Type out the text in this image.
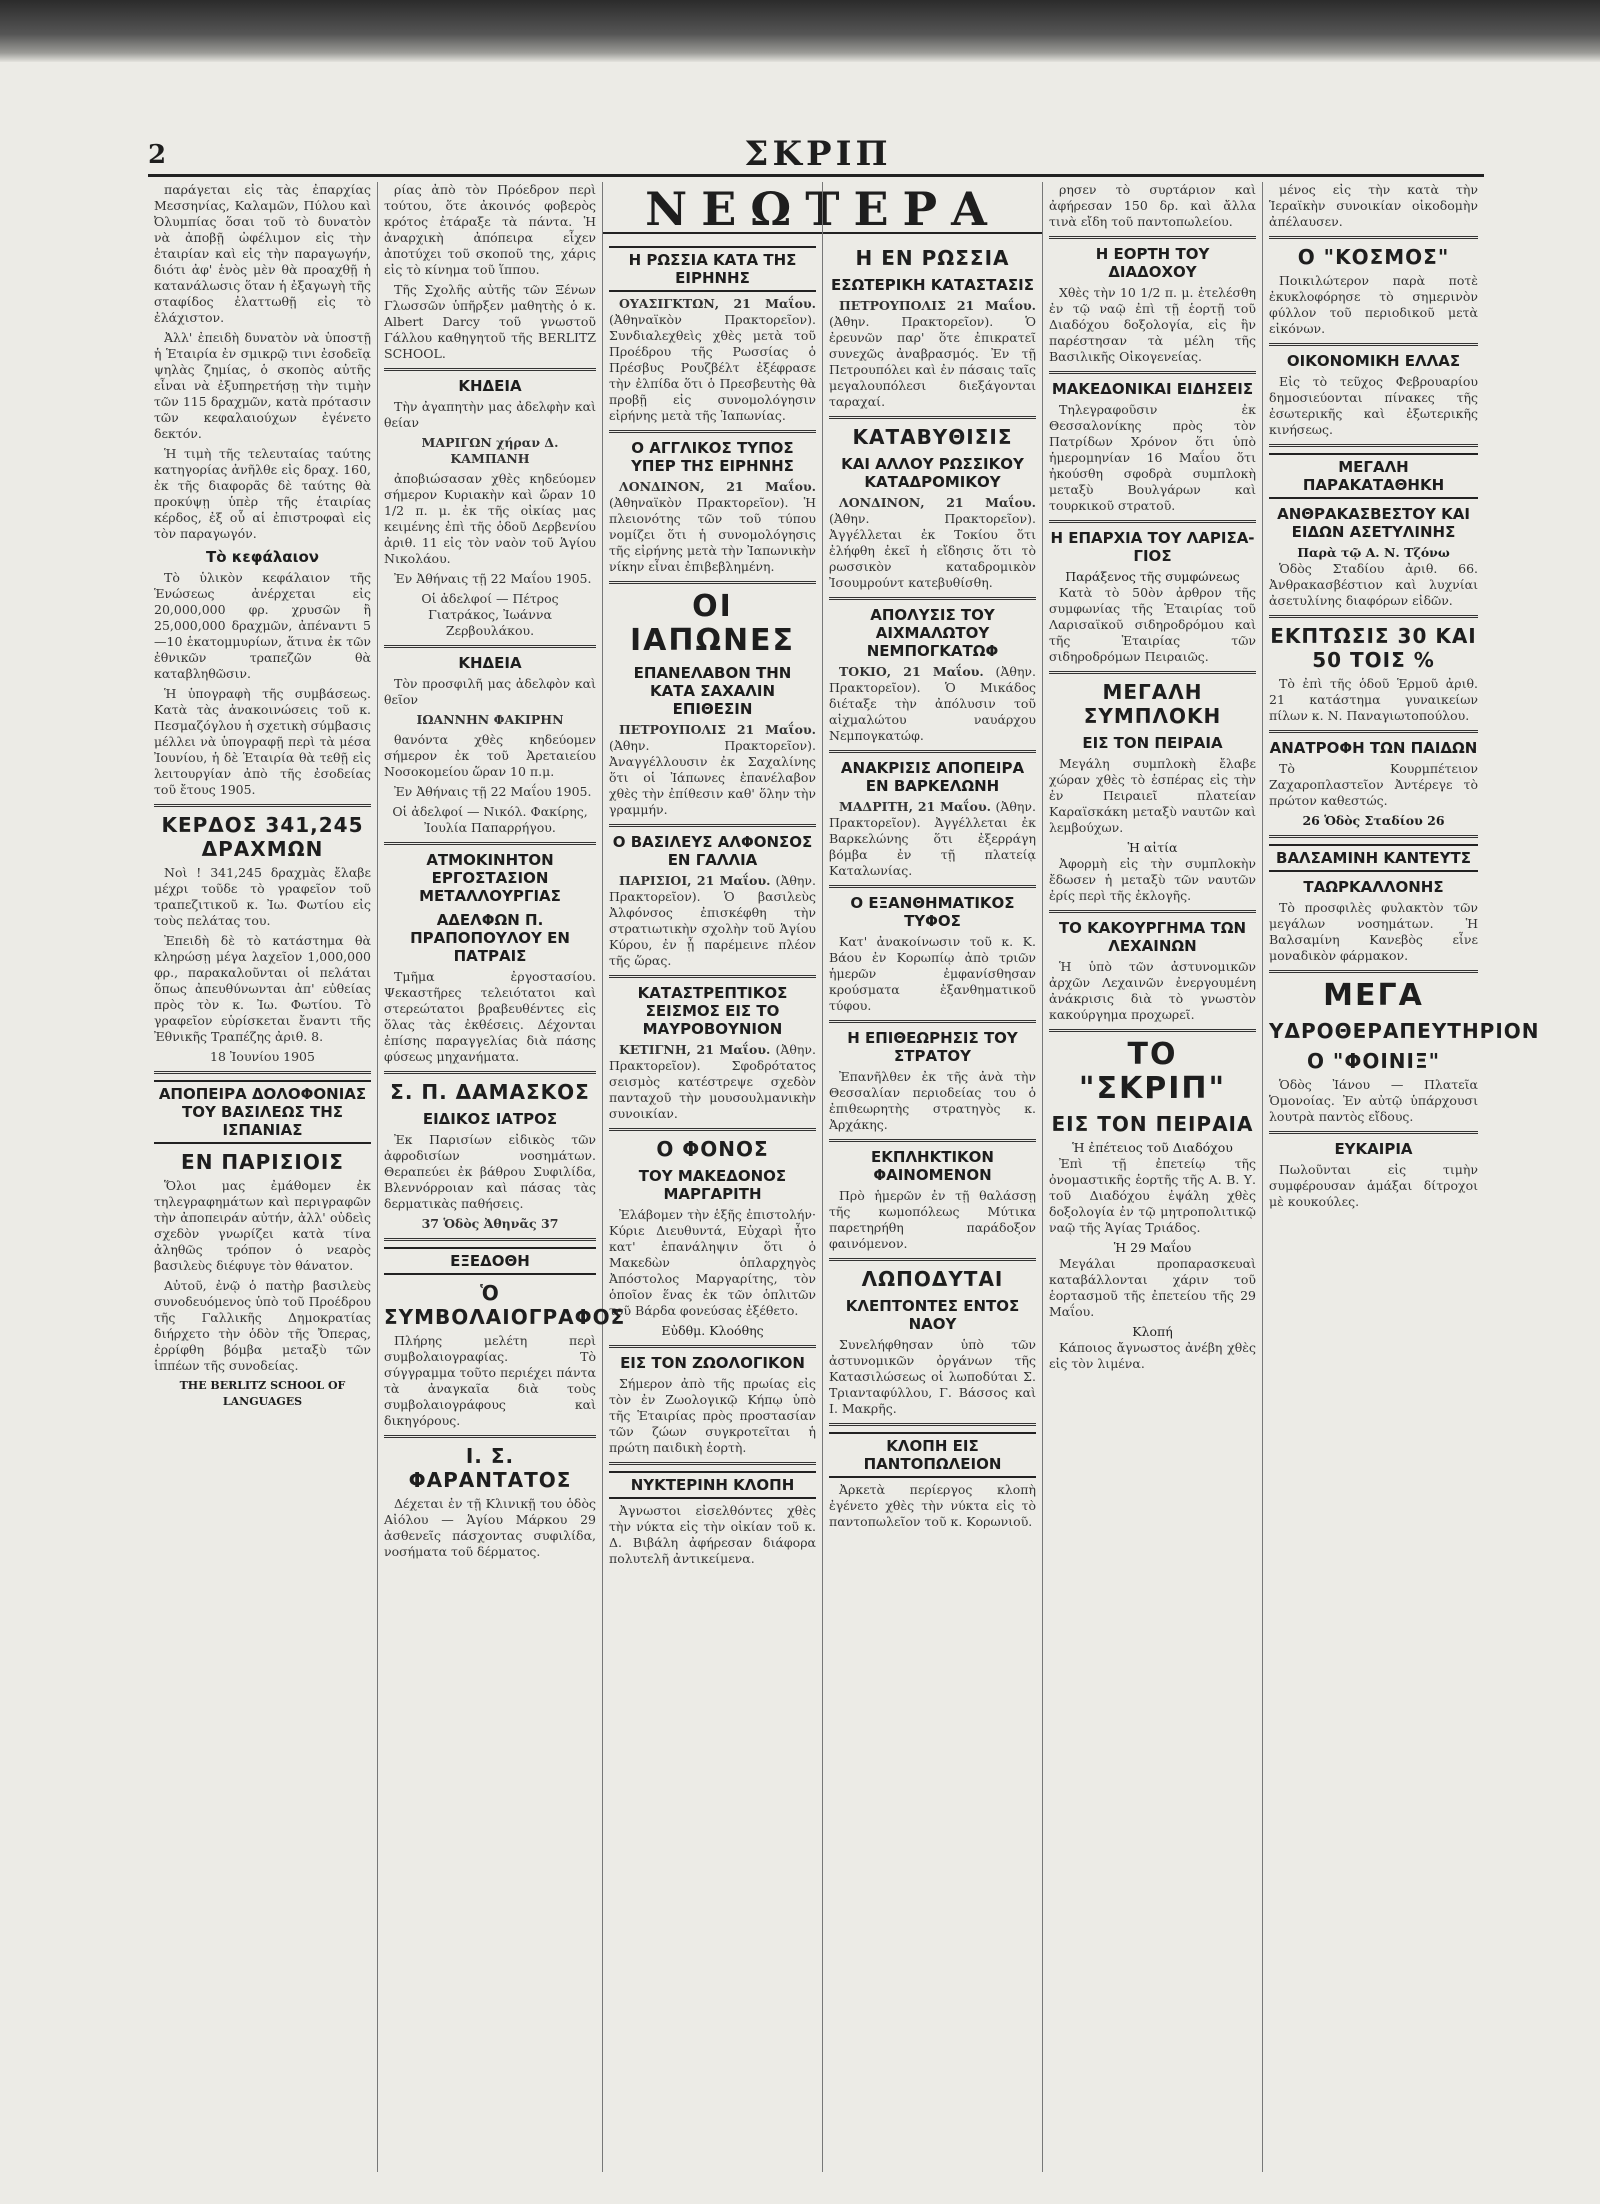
2	ΣΚΡΙΠ

παράγεται εἰς τὰς ἐπαρχίας Μεσσηνίας, Καλαμῶν, Πύλου καὶ Ὀλυμπίας ὅσαι τοῦ τὸ δυνατὸν νὰ ἀποβῇ ὠφέλιμον εἰς τὴν ἑταιρίαν καὶ εἰς τὴν παραγωγήν, διότι ἀφ' ἑνὸς μὲν θὰ προαχθῇ ἡ κατανάλωσις ὅταν ἡ ἐξαγωγὴ τῆς σταφίδος ἐλαττωθῇ εἰς τὸ ἐλάχιστον.

Ἀλλ' ἐπειδὴ δυνατὸν νὰ ὑποστῇ ἡ Ἑταιρία ἐν σμικρῷ τινι ἐσοδεῖᾳ ψηλὰς ζημίας, ὁ σκοπὸς αὐτῆς εἶναι νὰ ἐξυπηρετήσῃ τὴν τιμὴν τῶν 115 δραχμῶν, κατὰ πρότασιν τῶν κεφαλαιούχων ἐγένετο δεκτόν.

Ἡ τιμὴ τῆς τελευταίας ταύτης κατηγορίας ἀνῆλθε εἰς δραχ. 160, ἐκ τῆς διαφορᾶς δὲ ταύτης θὰ προκύψῃ ὑπὲρ τῆς ἑταιρίας κέρδος, ἐξ οὗ αἱ ἐπιστροφαὶ εἰς τὸν παραγωγόν.

Τὸ κεφάλαιον

Τὸ ὑλικὸν κεφάλαιον τῆς Ἑνώσεως ἀνέρχεται εἰς 20,000,000 φρ. χρυσῶν ἢ 25,000,000 δραχμῶν, ἀπέναντι 5—10 ἑκατομμυρίων, ἅτινα ἐκ τῶν ἐθνικῶν τραπεζῶν θὰ καταβληθῶσιν.

Ἡ ὑπογραφὴ τῆς συμβάσεως. Κατὰ τὰς ἀνακοινώσεις τοῦ κ. Πεσμαζόγλου ἡ σχετικὴ σύμβασις μέλλει νὰ ὑπογραφῇ περὶ τὰ μέσα Ἰουνίου, ἡ δὲ Ἑταιρία θὰ τεθῇ εἰς λειτουργίαν ἀπὸ τῆς ἐσοδείας τοῦ ἔτους 1905.

ΚΕΡΔΟΣ 341,245 ΔΡΑΧΜΩΝ

Νοὶ ! 341,245 δραχμὰς ἔλαβε μέχρι τοῦδε τὸ γραφεῖον τοῦ τραπεζιτικοῦ κ. Ἰω. Φωτίου εἰς τοὺς πελάτας του.

Ἐπειδὴ δὲ τὸ κατάστημα θὰ κληρώσῃ μέγα λαχεῖον 1,000,000 φρ., παρακαλοῦνται οἱ πελάται ὅπως ἀπευθύνωνται ἀπ' εὐθείας πρὸς τὸν κ. Ἰω. Φωτίου. Τὸ γραφεῖον εὑρίσκεται ἔναντι τῆς Ἐθνικῆς Τραπέζης ἀριθ. 8.

18 Ἰουνίου 1905

ΑΠΟΠΕΙΡΑ ΔΟΛΟΦΟΝΙΑΣ ΤΟΥ ΒΑΣΙΛΕΩΣ ΤΗΣ ΙΣΠΑΝΙΑΣ
ΕΝ ΠΑΡΙΣΙΟΙΣ

Ὅλοι μας ἐμάθομεν ἐκ τηλεγραφημάτων καὶ περιγραφῶν τὴν ἀποπειράν αὐτήν, ἀλλ' οὐδεὶς σχεδὸν γνωρίζει κατὰ τίνα ἀληθῶς τρόπον ὁ νεαρὸς βασιλεὺς διέφυγε τὸν θάνατον.

Αὐτοῦ, ἐνῷ ὁ πατὴρ βασιλεὺς συνοδευόμενος ὑπὸ τοῦ Προέδρου τῆς Γαλλικῆς Δημοκρατίας διήρχετο τὴν ὁδὸν τῆς Ὄπερας, ἐρρίφθη βόμβα μεταξὺ τῶν ἱππέων τῆς συνοδείας.

THE BERLITZ SCHOOL OF LANGUAGES

ρίας ἀπὸ τὸν Πρόεδρον περὶ τούτου, ὅτε ἀκοινός φοβερὸς κρότος ἐτάραξε τὰ πάντα. Ἡ ἀναρχικὴ ἀπόπειρα εἶχεν ἀποτύχει τοῦ σκοποῦ της, χάρις εἰς τὸ κίνημα τοῦ ἵππου.

Τῆς Σχολῆς αὐτῆς τῶν Ξένων Γλωσσῶν ὑπῆρξεν μαθητὴς ὁ κ. Albert Darcy τοῦ γνωστοῦ Γάλλου καθηγητοῦ τῆς BERLITZ SCHOOL.

ΚΗΔΕΙΑ

Τὴν ἀγαπητὴν μας ἀδελφὴν καὶ θείαν

ΜΑΡΙΓΩΝ χήραν Δ. ΚΑΜΠΑΝΗ

ἀποβιώσασαν χθὲς κηδεύομεν σήμερον Κυριακὴν καὶ ὥραν 10 1/2 π. μ. ἐκ τῆς οἰκίας μας κειμένης ἐπὶ τῆς ὁδοῦ Δερβενίου ἀριθ. 11 εἰς τὸν ναὸν τοῦ Ἁγίου Νικολάου.

Ἐν Ἀθήναις τῇ 22 Μαΐου 1905.

Οἱ ἀδελφοί — Πέτρος Γιατράκος, Ἰωάννα Ζερβουλάκου.

ΚΗΔΕΙΑ

Τὸν προσφιλῆ μας ἀδελφὸν καὶ θεῖον

ΙΩΑΝΝΗΝ ΦΑΚΙΡΗΝ

θανόντα χθὲς κηδεύομεν σήμερον ἐκ τοῦ Ἀρεταιείου Νοσοκομείου ὥραν 10 π.μ.

Ἐν Ἀθήναις τῇ 22 Μαΐου 1905.

Οἱ ἀδελφοί — Νικόλ. Φακίρης, Ἰουλία Παπαρρήγου.

ΑΤΜΟΚΙΝΗΤΟΝ ΕΡΓΟΣΤΑΣΙΟΝ ΜΕΤΑΛΛΟΥΡΓΙΑΣ
ΑΔΕΛΦΩΝ Π. ΠΡΑΠΟΠΟΥΛΟΥ ΕΝ ΠΑΤΡΑΙΣ

Τμῆμα ἐργοστασίου. Ψεκαστῆρες τελειότατοι καὶ στερεώτατοι βραβευθέντες εἰς ὅλας τὰς ἐκθέσεις. Δέχονται ἐπίσης παραγγελίας διὰ πάσης φύσεως μηχανήματα.

Σ. Π. ΔΑΜΑΣΚΟΣ
ΕΙΔΙΚΟΣ ΙΑΤΡΟΣ

Ἐκ Παρισίων εἰδικὸς τῶν ἀφροδισίων νοσημάτων. Θεραπεύει ἐκ βάθρου Συφιλίδα, Βλεννόρροιαν καὶ πάσας τὰς δερματικὰς παθήσεις.

37 Ὁδὸς Ἀθηνᾶς 37

ΕΞΕΔΟΘΗ
Ὁ ΣΥΜΒΟΛΑΙΟΓΡΑΦΟΣ

Πλήρης μελέτη περὶ συμβολαιογραφίας. Τὸ σύγγραμμα τοῦτο περιέχει πάντα τὰ ἀναγκαῖα διὰ τοὺς συμβολαιογράφους καὶ δικηγόρους.

Ι. Σ. ΦΑΡΑΝΤΑΤΟΣ

Δέχεται ἐν τῇ Κλινικῇ του ὁδὸς Αἰόλου — Ἁγίου Μάρκου 29 ἀσθενεῖς πάσχοντας συφιλίδα, νοσήματα τοῦ δέρματος.

ΝΕΩΤΕΡΑ
Η ΡΩΣΣΙΑ ΚΑΤΑ ΤΗΣ ΕΙΡΗΝΗΣ

ΟΥΑΣΙΓΚΤΩΝ, 21 Μαΐου. (Ἀθηναϊκὸν Πρακτορεῖον). Συνδιαλεχθεὶς χθὲς μετὰ τοῦ Προέδρου τῆς Ρωσσίας ὁ Πρέσβυς Ρουζβέλτ ἐξέφρασε τὴν ἐλπίδα ὅτι ὁ Πρεσβευτὴς θὰ προβῇ εἰς συνομολόγησιν εἰρήνης μετὰ τῆς Ἰαπωνίας.

Ο ΑΓΓΛΙΚΟΣ ΤΥΠΟΣ ΥΠΕΡ ΤΗΣ ΕΙΡΗΝΗΣ

ΛΟΝΔΙΝΟΝ, 21 Μαΐου. (Ἀθηναϊκὸν Πρακτορεῖον). Ἡ πλειονότης τῶν τοῦ τύπου νομίζει ὅτι ἡ συνομολόγησις τῆς εἰρήνης μετὰ τὴν Ἰαπωνικὴν νίκην εἶναι ἐπιβεβλημένη.

ΟΙ ΙΑΠΩΝΕΣ
ΕΠΑΝΕΛΑΒΟΝ ΤΗΝ ΚΑΤΑ ΣΑΧΑΛΙΝ ΕΠΙΘΕΣΙΝ

ΠΕΤΡΟΥΠΟΛΙΣ 21 Μαΐου. (Ἀθην. Πρακτορεῖον). Ἀναγγέλλουσιν ἐκ Σαχαλίνης ὅτι οἱ Ἰάπωνες ἐπανέλαβον χθὲς τὴν ἐπίθεσιν καθ' ὅλην τὴν γραμμήν.

Ο ΒΑΣΙΛΕΥΣ ΑΛΦΟΝΣΟΣ ΕΝ ΓΑΛΛΙΑ

ΠΑΡΙΣΙΟΙ, 21 Μαΐου. (Ἀθην. Πρακτορεῖον). Ὁ βασιλεὺς Ἀλφόνσος ἐπισκέφθη τὴν στρατιωτικὴν σχολὴν τοῦ Ἁγίου Κύρου, ἐν ᾗ παρέμεινε πλέον τῆς ὥρας.

ΚΑΤΑΣΤΡΕΠΤΙΚΟΣ ΣΕΙΣΜΟΣ ΕΙΣ ΤΟ ΜΑΥΡΟΒΟΥΝΙΟΝ

ΚΕΤΙΓΝΗ, 21 Μαΐου. (Ἀθην. Πρακτορεῖον). Σφοδρότατος σεισμὸς κατέστρεψε σχεδὸν πανταχοῦ τὴν μουσουλμανικὴν συνοικίαν.

Ο ΦΟΝΟΣ
ΤΟΥ ΜΑΚΕΔΟΝΟΣ ΜΑΡΓΑΡΙΤΗ

Ἐλάβομεν τὴν ἑξῆς ἐπιστολήν· Κύριε Διευθυντά, Εὐχαρὶ ἦτο κατ' ἐπανάληψιν ὅτι ὁ Μακεδὼν ὁπλαρχηγὸς Ἀπόστολος Μαργαρίτης, τὸν ὁποῖον ἕνας ἐκ τῶν ὁπλιτῶν τοῦ Βάρδα φονεύσας ἐξέθετο.

Εὐδθμ. Κλοόθης
ΕΙΣ ΤΟΝ ΖΩΟΛΟΓΙΚΟΝ

Σήμερον ἀπὸ τῆς πρωίας εἰς τὸν ἐν Ζωολογικῷ Κήπῳ ὑπὸ τῆς Ἑταιρίας πρὸς προστασίαν τῶν ζώων συγκροτεῖται ἡ πρώτη παιδικὴ ἑορτὴ.

ΝΥΚΤΕΡΙΝΗ ΚΛΟΠΗ

Ἀγνωστοι εἰσελθόντες χθὲς τὴν νύκτα εἰς τὴν οἰκίαν τοῦ κ. Δ. Βιβάλη ἀφήρεσαν διάφορα πολυτελῆ ἀντικείμενα.

Η ΕΝ ΡΩΣΣΙΑ
ΕΣΩΤΕΡΙΚΗ ΚΑΤΑΣΤΑΣΙΣ

ΠΕΤΡΟΥΠΟΛΙΣ 21 Μαΐου. (Ἀθην. Πρακτορεῖον). Ὁ ἐρευνῶν παρ' ὅτε ἐπικρατεῖ συνεχῶς ἀναβρασμός. Ἐν τῇ Πετρουπόλει καὶ ἐν πάσαις ταῖς μεγαλουπόλεσι διεξάγονται ταραχαί.

ΚΑΤΑΒΥΘΙΣΙΣ
ΚΑΙ ΑΛΛΟΥ ΡΩΣΣΙΚΟΥ ΚΑΤΑΔΡΟΜΙΚΟΥ

ΛΟΝΔΙΝΟΝ, 21 Μαΐου. (Ἀθην. Πρακτορεῖον). Ἀγγέλλεται ἐκ Τοκίου ὅτι ἐλήφθη ἐκεῖ ἡ εἴδησις ὅτι τὸ ρωσσικὸν καταδρομικὸν Ἰσουμρούντ κατεβυθίσθη.

ΑΠΟΛΥΣΙΣ ΤΟΥ ΑΙΧΜΑΛΩΤΟΥ ΝΕΜΠΟΓΚΑΤΩΦ

ΤΟΚΙΟ, 21 Μαΐου. (Ἀθην. Πρακτορεῖον). Ὁ Μικάδος διέταξε τὴν ἀπόλυσιν τοῦ αἰχμαλώτου ναυάρχου Νεμπογκατώφ.

ΑΝΑΚΡΙΣΙΣ ΑΠΟΠΕΙΡΑ ΕΝ ΒΑΡΚΕΛΩΝΗ

ΜΑΔΡΙΤΗ, 21 Μαΐου. (Ἀθην. Πρακτορεῖον). Ἀγγέλλεται ἐκ Βαρκελώνης ὅτι ἐξερράγη βόμβα ἐν τῇ πλατείᾳ Καταλωνίας.

Ο ΕΞΑΝΘΗΜΑΤΙΚΟΣ ΤΥΦΟΣ

Κατ' ἀνακοίνωσιν τοῦ κ. Κ. Βάου ἐν Κορωπίῳ ἀπὸ τριῶν ἡμερῶν ἐμφανίσθησαν κρούσματα ἐξανθηματικοῦ τύφου.

Η ΕΠΙΘΕΩΡΗΣΙΣ ΤΟΥ ΣΤΡΑΤΟΥ

Ἐπανῆλθεν ἐκ τῆς ἀνὰ τὴν Θεσσαλίαν περιοδείας του ὁ ἐπιθεωρητὴς στρατηγὸς κ. Ἀρχάκης.

ΕΚΠΛΗΚΤΙΚΟΝ ΦΑΙΝΟΜΕΝΟΝ

Πρὸ ἡμερῶν ἐν τῇ θαλάσσῃ τῆς κωμοπόλεως Μύτικα παρετηρήθη παράδοξον φαινόμενον.

ΛΩΠΟΔΥΤΑΙ
ΚΛΕΠΤΟΝΤΕΣ ΕΝΤΟΣ ΝΑΟΥ

Συνελήφθησαν ὑπὸ τῶν ἀστυνομικῶν ὀργάνων τῆς Κατασιλώσεως οἱ λωποδύται Σ. Τριανταφύλλου, Γ. Βάσσος καὶ Ι. Μακρῆς.

ΚΛΟΠΗ ΕΙΣ ΠΑΝΤΟΠΩΛΕΙΟΝ

Ἀρκετὰ περίεργος κλοπὴ ἐγένετο χθὲς τὴν νύκτα εἰς τὸ παντοπωλεῖον τοῦ κ. Κορωνιοῦ.

ρησεν τὸ συρτάριον καὶ ἀφήρεσαν 150 δρ. καὶ ἄλλα τινὰ εἴδη τοῦ παντοπωλείου.

Η ΕΟΡΤΗ ΤΟΥ ΔΙΑΔΟΧΟΥ

Χθὲς τὴν 10 1/2 π. μ. ἐτελέσθη ἐν τῷ ναῷ ἐπὶ τῇ ἑορτῇ τοῦ Διαδόχου δοξολογία, εἰς ἣν παρέστησαν τὰ μέλη τῆς Βασιλικῆς Οἰκογενείας.

ΜΑΚΕΔΟΝΙΚΑΙ ΕΙΔΗΣΕΙΣ

Τηλεγραφοῦσιν ἐκ Θεσσαλονίκης πρὸς τὸν Πατρίδων Χρόνον ὅτι ὑπὸ ἡμερομηνίαν 16 Μαΐου ὅτι ἠκούσθη σφοδρὰ συμπλοκὴ μεταξὺ Βουλγάρων καὶ τουρκικοῦ στρατοῦ.

Η ΕΠΑΡΧΙΑ ΤΟΥ ΛΑΡΙΣΑ-ΓΙΟΣ
Παράξενος τῆς συμφώνεως

Κατὰ τὸ 50ὸν ἀρθρον τῆς συμφωνίας τῆς Ἑταιρίας τοῦ Λαρισαϊκοῦ σιδηροδρόμου καὶ τῆς Ἑταιρίας τῶν σιδηροδρόμων Πειραιῶς.

ΜΕΓΑΛΗ ΣΥΜΠΛΟΚΗ
ΕΙΣ ΤΟΝ ΠΕΙΡΑΙΑ

Μεγάλη συμπλοκὴ ἔλαβε χώραν χθὲς τὸ ἑσπέρας εἰς τὴν ἐν Πειραιεῖ πλατείαν Καραϊσκάκη μεταξὺ ναυτῶν καὶ λεμβούχων.

Ἡ αἰτία

Ἀφορμὴ εἰς τὴν συμπλοκὴν ἔδωσεν ἡ μεταξὺ τῶν ναυτῶν ἐρίς περὶ τῆς ἐκλογῆς.

ΤΟ ΚΑΚΟΥΡΓΗΜΑ ΤΩΝ ΛΕΧΑΙΝΩΝ

Ἡ ὑπὸ τῶν ἀστυνομικῶν ἀρχῶν Λεχαινῶν ἐνεργουμένη ἀνάκρισις διὰ τὸ γνωστὸν κακούργημα προχωρεῖ.

ΤΟ "ΣΚΡΙΠ"
ΕΙΣ ΤΟΝ ΠΕΙΡΑΙΑ
Ἡ ἐπέτειος τοῦ Διαδόχου

Ἐπὶ τῇ ἐπετείῳ τῆς ὀνομαστικῆς ἑορτῆς τῆς Α. Β. Υ. τοῦ Διαδόχου ἐψάλη χθὲς δοξολογία ἐν τῷ μητροπολιτικῷ ναῷ τῆς Ἁγίας Τριάδος.

Ἡ 29 Μαΐου

Μεγάλαι προπαρασκευαὶ καταβάλλονται χάριν τοῦ ἑορτασμοῦ τῆς ἐπετείου τῆς 29 Μαΐου.

Κλοπή

Κάποιος ἄγνωστος ἀνέβη χθὲς εἰς τὸν λιμένα.

μένος εἰς τὴν κατὰ τὴν Ἱεραϊκὴν συνοικίαν οἰκοδομὴν ἀπέλαυσεν.

Ο "ΚΟΣΜΟΣ"

Ποικιλώτερον παρὰ ποτὲ ἐκυκλοφόρησε τὸ σημερινὸν φύλλον τοῦ περιοδικοῦ μετὰ εἰκόνων.

ΟΙΚΟΝΟΜΙΚΗ ΕΛΛΑΣ

Εἰς τὸ τεῦχος Φεβρουαρίου δημοσιεύονται πίνακες τῆς ἐσωτερικῆς καὶ ἐξωτερικῆς κινήσεως.

ΜΕΓΑΛΗ ΠΑΡΑΚΑΤΑΘΗΚΗ
ΑΝΘΡΑΚΑΣΒΕΣΤΟΥ ΚΑΙ ΕΙΔΩΝ ΑΣΕΤΥΛΙΝΗΣ
Παρὰ τῷ Α. Ν. Τζόνω

Ὁδὸς Σταδίου ἀριθ. 66. Ἀνθρακασβέστιον καὶ λυχνίαι ἀσετυλίνης διαφόρων εἰδῶν.

ΕΚΠΤΩΣΙΣ 30 ΚΑΙ 50 ΤΟΙΣ %

Τὸ ἐπὶ τῆς ὁδοῦ Ἑρμοῦ ἀριθ. 21 κατάστημα γυναικείων πίλων κ. Ν. Παναγιωτοπούλου.

ΑΝΑΤΡΟΦΗ ΤΩΝ ΠΑΙΔΩΝ

Τὸ Κουρμπέτειον Ζαχαροπλαστεῖον Ἀντέρεγε τὸ πρώτον καθεστώς.

26 Ὁδὸς Σταδίου 26
ΒΑΛΣΑΜΙΝΗ ΚΑΝΤΕΥΤΣ
ΤΑΩΡΚΑΛΛΟΝΗΣ

Τὸ προσφιλὲς φυλακτὸν τῶν μεγάλων νοσημάτων. Ἡ Βαλσαμίνη Κανεβὸς εἶνε μοναδικὸν φάρμακον.

ΜΕΓΑ
ΥΔΡΟΘΕΡΑΠΕΥΤΗΡΙΟΝ
Ο "ΦΟΙΝΙΞ"

Ὁδὸς Ἰάνου — Πλατεῖα Ὁμονοίας. Ἐν αὐτῷ ὑπάρχουσι λουτρὰ παντὸς εἴδους.

ΕΥΚΑΙΡΙΑ

Πωλοῦνται εἰς τιμὴν συμφέρουσαν ἁμάξαι δίτροχοι μὲ κουκούλες.
